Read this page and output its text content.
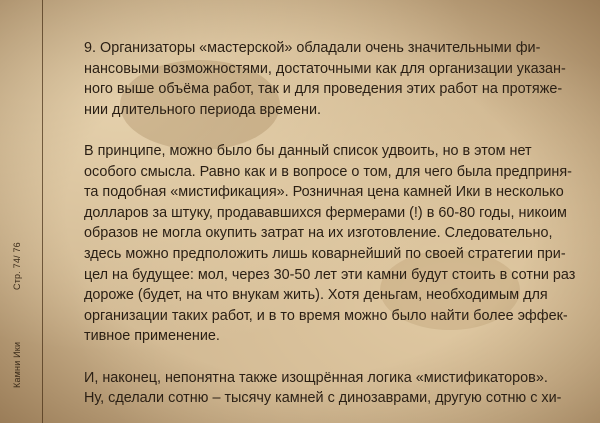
Стр. 74/ 76
Камни Ики
9. Организаторы «мастерской» обладали очень значительными фи-
нансовыми возможностями, достаточными как для организации указан-
ного выше объёма работ, так и для проведения этих работ на протяже-
нии длительного периода времени.
В принципе, можно было бы данный список удвоить, но в этом нет
особого смысла. Равно как и в вопросе о том, для чего была предприня-
та подобная «мистификация». Розничная цена камней Ики в несколько
долларов за штуку, продававшихся фермерами (!) в 60-80 годы, никоим
образов не могла окупить затрат на их изготовление. Следовательно,
здесь можно предположить лишь коварнейший по своей стратегии при-
цел на будущее: мол, через 30-50 лет эти камни будут стоить в сотни раз
дороже (будет, на что внукам жить). Хотя деньгам, необходимым для
организации таких работ, и в то время можно было найти более эффек-
тивное применение.
И, наконец, непонятна также изощрённая логика «мистификаторов».
Ну, сделали сотню – тысячу камней с динозаврами, другую сотню с хи-
